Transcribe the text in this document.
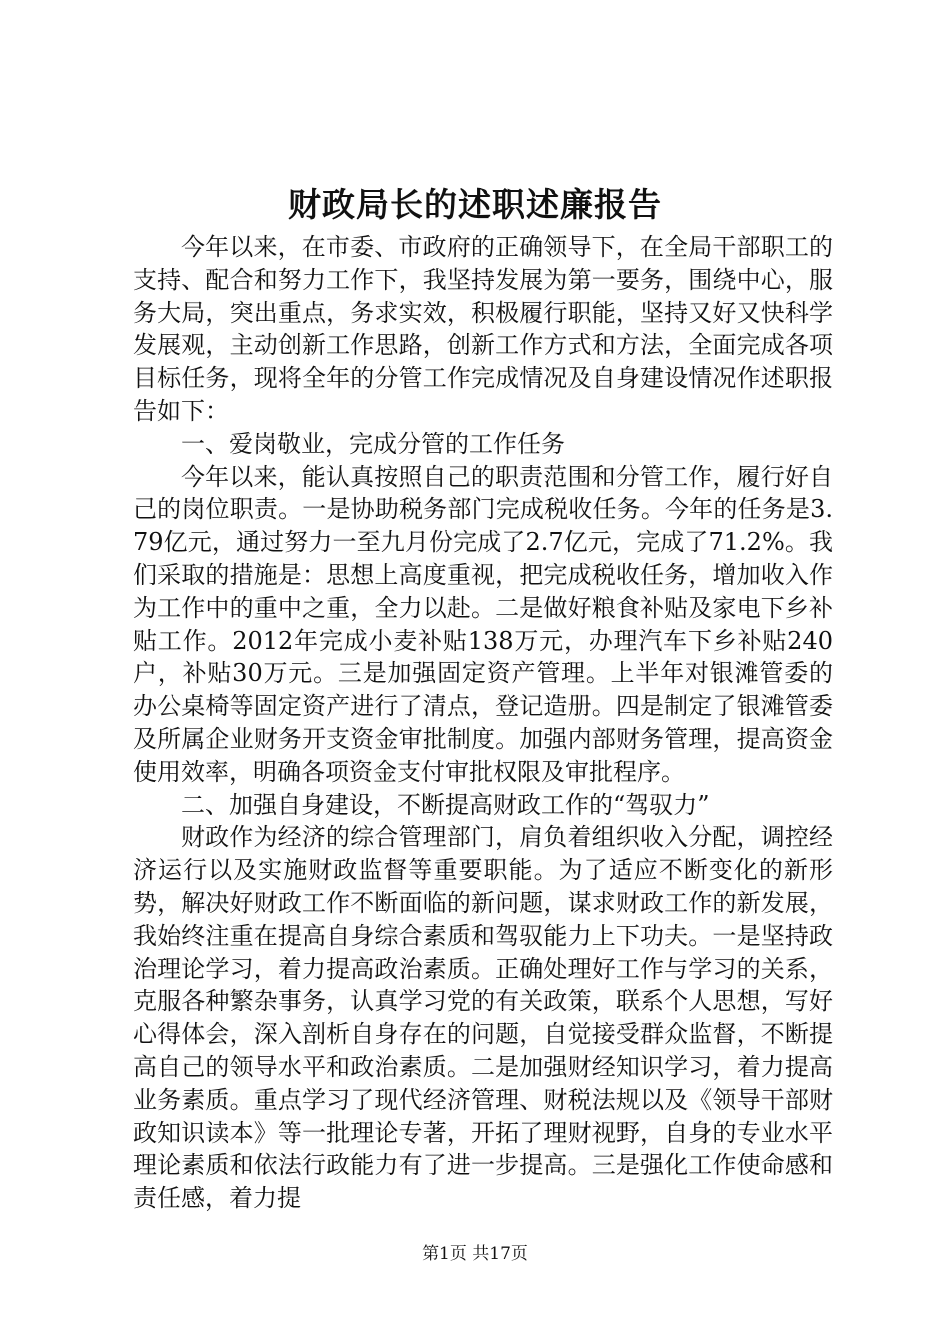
财政局长的述职述廉报告

今年以来，在市委、市政府的正确领导下，在全局干部职工的支持、配合和努力工作下，我坚持发展为第一要务，围绕中心，服务大局，突出重点，务求实效，积极履行职能，坚持又好又快科学发展观，主动创新工作思路，创新工作方式和方法，全面完成各项目标任务，现将全年的分管工作完成情况及自身建设情况作述职报告如下：

一、爱岗敬业，完成分管的工作任务

今年以来，能认真按照自己的职责范围和分管工作，履行好自己的岗位职责。一是协助税务部门完成税收任务。今年的任务是3.79亿元，通过努力一至九月份完成了2.7亿元，完成了71.2%。我们采取的措施是：思想上高度重视，把完成税收任务，增加收入作为工作中的重中之重，全力以赴。二是做好粮食补贴及家电下乡补贴工作。2012年完成小麦补贴138万元，办理汽车下乡补贴240户，补贴30万元。三是加强固定资产管理。上半年对银滩管委的办公桌椅等固定资产进行了清点，登记造册。四是制定了银滩管委及所属企业财务开支资金审批制度。加强内部财务管理，提高资金使用效率，明确各项资金支付审批权限及审批程序。

二、加强自身建设，不断提高财政工作的“驾驭力”

财政作为经济的综合管理部门，肩负着组织收入分配，调控经济运行以及实施财政监督等重要职能。为了适应不断变化的新形势，解决好财政工作不断面临的新问题，谋求财政工作的新发展，我始终注重在提高自身综合素质和驾驭能力上下功夫。一是坚持政治理论学习，着力提高政治素质。正确处理好工作与学习的关系，克服各种繁杂事务，认真学习党的有关政策，联系个人思想，写好心得体会，深入剖析自身存在的问题，自觉接受群众监督，不断提高自己的领导水平和政治素质。二是加强财经知识学习，着力提高业务素质。重点学习了现代经济管理、财税法规以及《领导干部财政知识读本》等一批理论专著，开拓了理财视野，自身的专业水平理论素质和依法行政能力有了进一步提高。三是强化工作使命感和责任感，着力提

第1页 共17页
